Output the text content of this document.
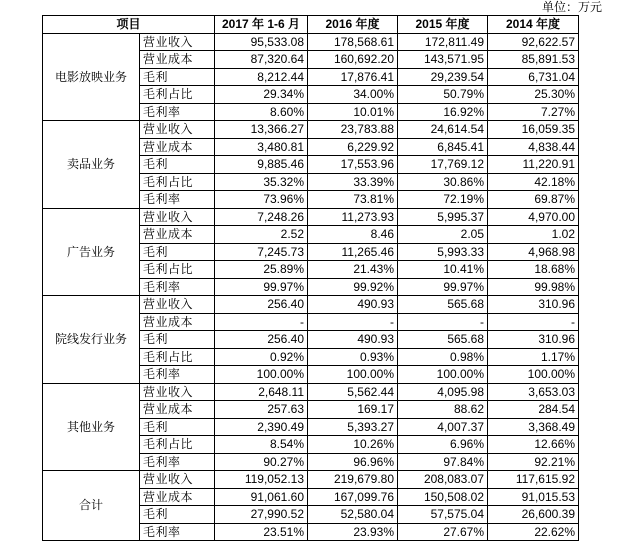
单位：万元
项目		2017 年 1-6 月	2016 年度	2015 年度	2014 年度
电影放映业务	营业收入	95,533.08	178,568.61	172,811.49	92,622.57
	营业成本	87,320.64	160,692.20	143,571.95	85,891.53
	毛利	8,212.44	17,876.41	29,239.54	6,731.04
	毛利占比	29.34%	34.00%	50.79%	25.30%
	毛利率	8.60%	10.01%	16.92%	7.27%
卖品业务	营业收入	13,366.27	23,783.88	24,614.54	16,059.35
	营业成本	3,480.81	6,229.92	6,845.41	4,838.44
	毛利	9,885.46	17,553.96	17,769.12	11,220.91
	毛利占比	35.32%	33.39%	30.86%	42.18%
	毛利率	73.96%	73.81%	72.19%	69.87%
广告业务	营业收入	7,248.26	11,273.93	5,995.37	4,970.00
	营业成本	2.52	8.46	2.05	1.02
	毛利	7,245.73	11,265.46	5,993.33	4,968.98
	毛利占比	25.89%	21.43%	10.41%	18.68%
	毛利率	99.97%	99.92%	99.97%	99.98%
院线发行业务	营业收入	256.40	490.93	565.68	310.96
	营业成本	-	-	-	-
	毛利	256.40	490.93	565.68	310.96
	毛利占比	0.92%	0.93%	0.98%	1.17%
	毛利率	100.00%	100.00%	100.00%	100.00%
其他业务	营业收入	2,648.11	5,562.44	4,095.98	3,653.03
	营业成本	257.63	169.17	88.62	284.54
	毛利	2,390.49	5,393.27	4,007.37	3,368.49
	毛利占比	8.54%	10.26%	6.96%	12.66%
	毛利率	90.27%	96.96%	97.84%	92.21%
合计	营业收入	119,052.13	219,679.80	208,083.07	117,615.92
	营业成本	91,061.60	167,099.76	150,508.02	91,015.53
	毛利	27,990.52	52,580.04	57,575.04	26,600.39
	毛利率	23.51%	23.93%	27.67%	22.62%
